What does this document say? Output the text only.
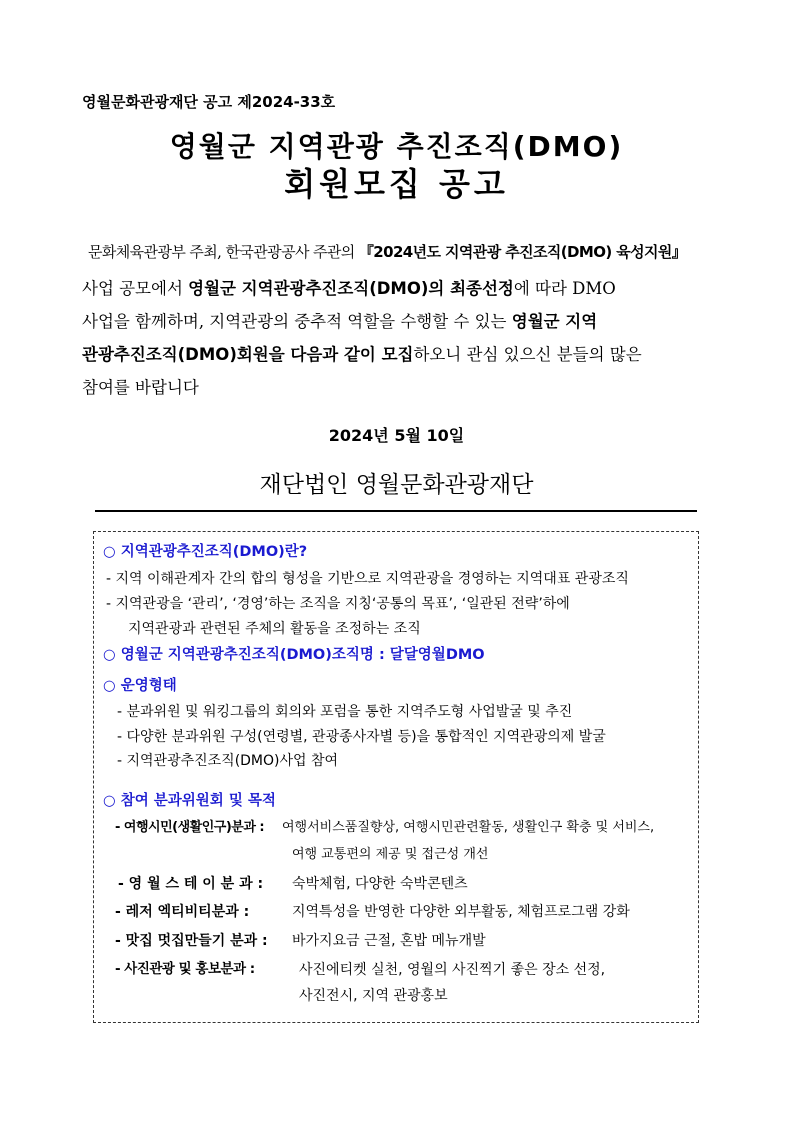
영월문화관광재단 공고 제2024-33호
영월군 지역관광 추진조직(DMO)
회원모집 공고
문화체육관광부 주최, 한국관광공사 주관의 『2024년도 지역관광 추진조직(DMO) 육성지원』
사업 공모에서 영월군 지역관광추진조직(DMO)의 최종선정에 따라 DMO
사업을 함께하며, 지역관광의 중추적 역할을 수행할 수 있는 영월군 지역
관광추진조직(DMO)회원을 다음과 같이 모집하오니 관심 있으신 분들의 많은
참여를 바랍니다
2024년 5월 10일
재단법인 영월문화관광재단
○ 지역관광추진조직(DMO)란?
- 지역 이해관계자 간의 합의 형성을 기반으로 지역관광을 경영하는 지역대표 관광조직
- 지역관광을 ‘관리’, ‘경영’하는 조직을 지칭‘공통의 목표’, ‘일관된 전략’하에
지역관광과 관련된 주체의 활동을 조정하는 조직
○ 영월군 지역관광추진조직(DMO)조직명 : 달달영월DMO
○ 운영형태
- 분과위원 및 워킹그룹의 회의와 포럼을 통한 지역주도형 사업발굴 및 추진
- 다양한 분과위원 구성(연령별, 관광종사자별 등)을 통합적인 지역관광의제 발굴
- 지역관광추진조직(DMO)사업 참여
○ 참여 분과위원회 및 목적
- 여행시민(생활인구)분과 : 여행서비스품질향상, 여행시민관련활동, 생활인구 확충 및 서비스,
여행 교통편의 제공 및 접근성 개선
- 영 월 스 테 이 분 과 : 숙박체험, 다양한 숙박콘텐츠
- 레저 엑티비티분과 :	지역특성을 반영한 다양한 외부활동, 체험프로그램 강화
- 맛집 멋집만들기 분과 : 바가지요금 근절, 혼밥 메뉴개발
- 사진관광 및 홍보분과 :	사진에티켓 실천, 영월의 사진찍기 좋은 장소 선정,
사진전시, 지역 관광홍보
